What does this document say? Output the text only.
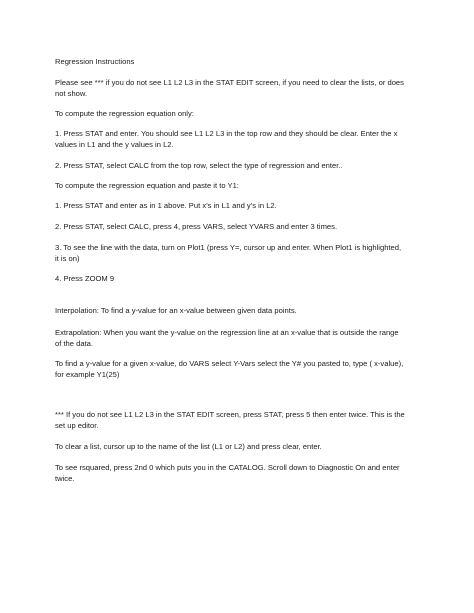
Regression Instructions

Please see *** if you do not see L1 L2 L3 in the STAT EDIT screen, if you need to clear the lists, or does

not show.

To compute the regression equation only:

1. Press STAT and enter. You should see L1 L2 L3 in the top row and they should be clear. Enter the x

values in L1 and the y values in L2.

2. Press STAT, select CALC from the top row, select the type of regression and enter..

To compute the regression equation and paste it to Y1:

1. Press STAT and enter as in 1 above. Put x’s in L1 and y’s in L2.

2. Press STAT, select CALC, press 4, press VARS, select YVARS and enter 3 times.

3. To see the line with the data, turn on Plot1 (press Y=, cursor up and enter. When Plot1 is highlighted,

it is on)

4. Press ZOOM 9

Interpolation: To find a y-value for an x-value between given data points.

Extrapolation: When you want the y-value on the regression line at an x-value that is outside the range

of the data.

To find a y-value for a given x-value, do VARS select Y-Vars select the Y# you pasted to, type ( x-value),

for example Y1(25)

*** If you do not see L1 L2 L3 in the STAT EDIT screen, press STAT, press 5 then enter twice. This is the

set up editor.

To clear a list, cursor up to the name of the list (L1 or L2) and press clear, enter.

To see rsquared, press 2nd 0 which puts you in the CATALOG. Scroll down to Diagnostic On and enter

twice.
